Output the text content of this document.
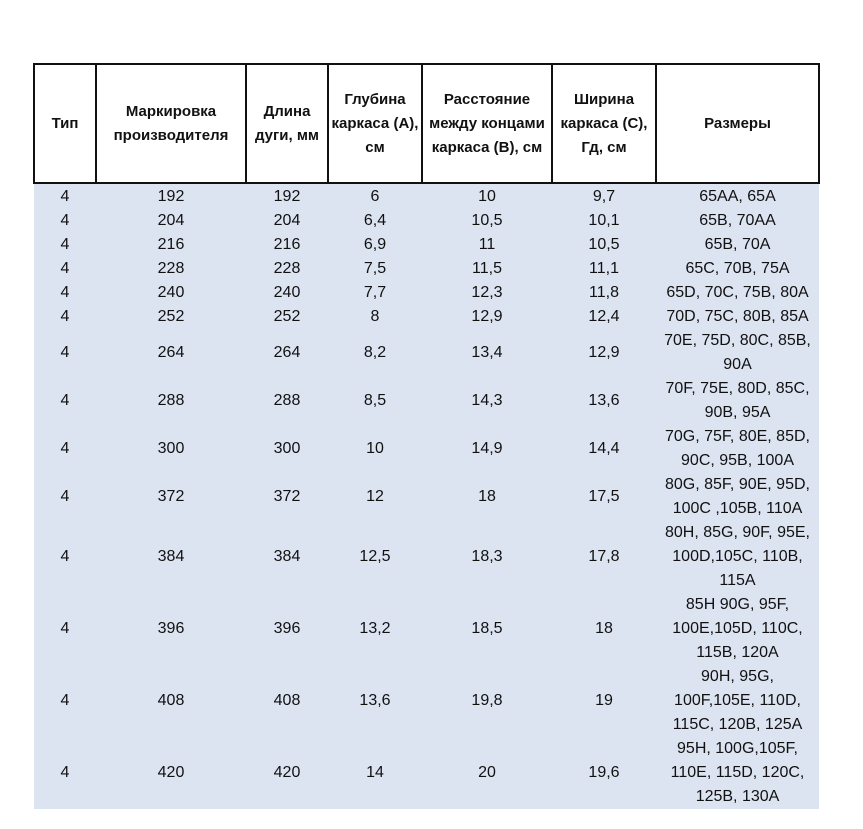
Тип	Маркировка производителя	Длина дуги, мм	Глубина каркаса (А), см	Расстояние между концами каркаса (В), см	Ширина каркаса (С), Гд, см	Размеры
4	192	192	6	10	9,7	65AA, 65A
4	204	204	6,4	10,5	10,1	65B, 70AA
4	216	216	6,9	11	10,5	65B, 70A
4	228	228	7,5	11,5	11,1	65C, 70B, 75A
4	240	240	7,7	12,3	11,8	65D, 70C, 75B, 80A
4	252	252	8	12,9	12,4	70D, 75C, 80B, 85A
4	264	264	8,2	13,4	12,9	70E, 75D, 80C, 85B, 90A
4	288	288	8,5	14,3	13,6	70F, 75E, 80D, 85C, 90B, 95A
4	300	300	10	14,9	14,4	70G, 75F, 80E, 85D, 90C, 95B, 100A
4	372	372	12	18	17,5	80G, 85F, 90E, 95D, 100C ,105B, 110A
4	384	384	12,5	18,3	17,8	80H, 85G, 90F, 95E, 100D,105C, 110B, 115A
4	396	396	13,2	18,5	18	85H 90G, 95F, 100E,105D, 110C, 115B, 120A
4	408	408	13,6	19,8	19	90H, 95G, 100F,105E, 110D, 115C, 120B, 125A
4	420	420	14	20	19,6	95H, 100G,105F, 110E, 115D, 120C, 125B, 130A
